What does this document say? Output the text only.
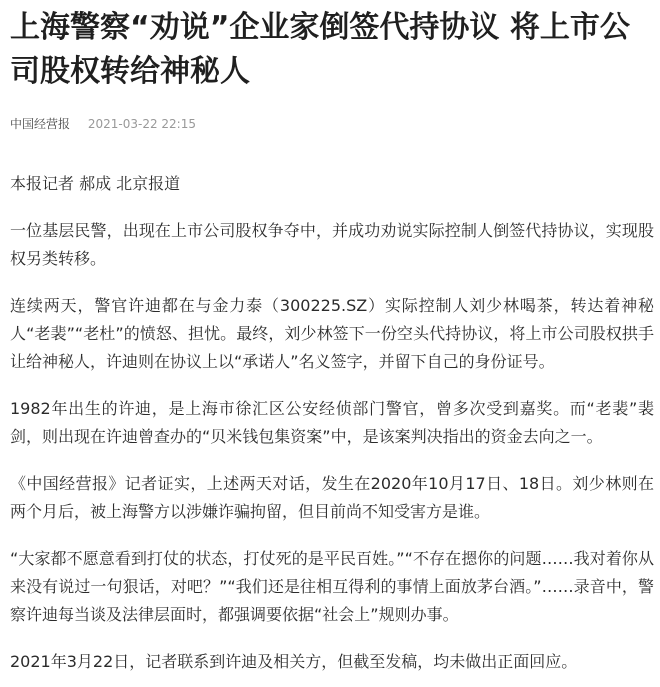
上海警察“劝说”企业家倒签代持协议 将上市公司股权转给神秘人
中国经营报 2021-03-22 22:15

本报记者 郝成 北京报道

一位基层民警，出现在上市公司股权争夺中，并成功劝说实际控制人倒签代持协议，实现股权另类转移。

连续两天，警官许迪都在与金力泰（300225.SZ）实际控制人刘少林喝茶，转达着神秘人“老裴”“老杜”的愤怒、担忧。最终，刘少林签下一份空头代持协议，将上市公司股权拱手让给神秘人，许迪则在协议上以“承诺人”名义签字，并留下自己的身份证号。

1982年出生的许迪，是上海市徐汇区公安经侦部门警官，曾多次受到嘉奖。而“老裴”裴剑，则出现在许迪曾查办的“贝米钱包集资案”中，是该案判决指出的资金去向之一。

《中国经营报》记者证实，上述两天对话，发生在2020年10月17日、18日。刘少林则在两个月后，被上海警方以涉嫌诈骗拘留，但目前尚不知受害方是谁。

“大家都不愿意看到打仗的状态，打仗死的是平民百姓。”“不存在摁你的问题……我对着你从来没有说过一句狠话，对吧？”“我们还是往相互得利的事情上面放茅台酒。”……录音中，警察许迪每当谈及法律层面时，都强调要依据“社会上”规则办事。

2021年3月22日，记者联系到许迪及相关方，但截至发稿，均未做出正面回应。
